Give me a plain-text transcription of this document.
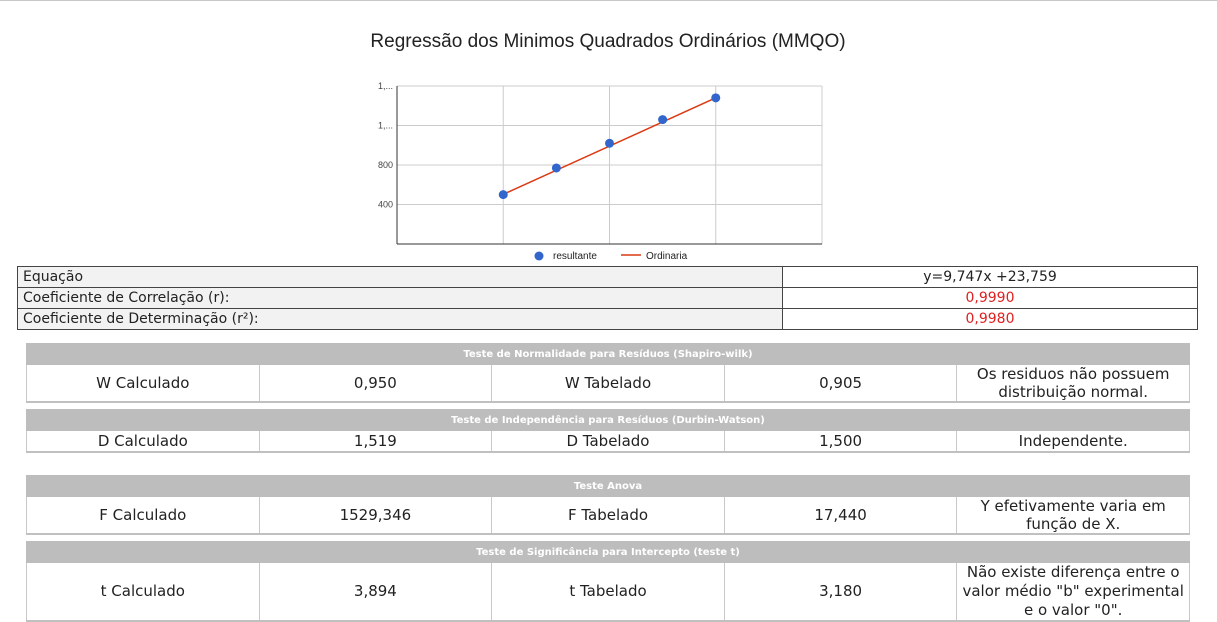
Regressão dos Minimos Quadrados Ordinários (MMQO)
400
800
1,...
1,...
resultante	Ordinaria
Equação	y=9,747x +23,759
Coeficiente de Correlação (r):	0,9990
Coeficiente de Determinação (r²):	0,9980
Teste de Normalidade para Resíduos (Shapiro-wilk)
W Calculado	0,950	W Tabelado	0,905	Os residuos não possuem distribuição normal.
Teste de Independência para Resíduos (Durbin-Watson)
D Calculado	1,519	D Tabelado	1,500	Independente.
Teste Anova
F Calculado	1529,346	F Tabelado	17,440	Y efetivamente varia em função de X.
Teste de Significância para Intercepto (teste t)
t Calculado	3,894	t Tabelado	3,180	Não existe diferença entre o valor médio "b" experimental e o valor "0".
